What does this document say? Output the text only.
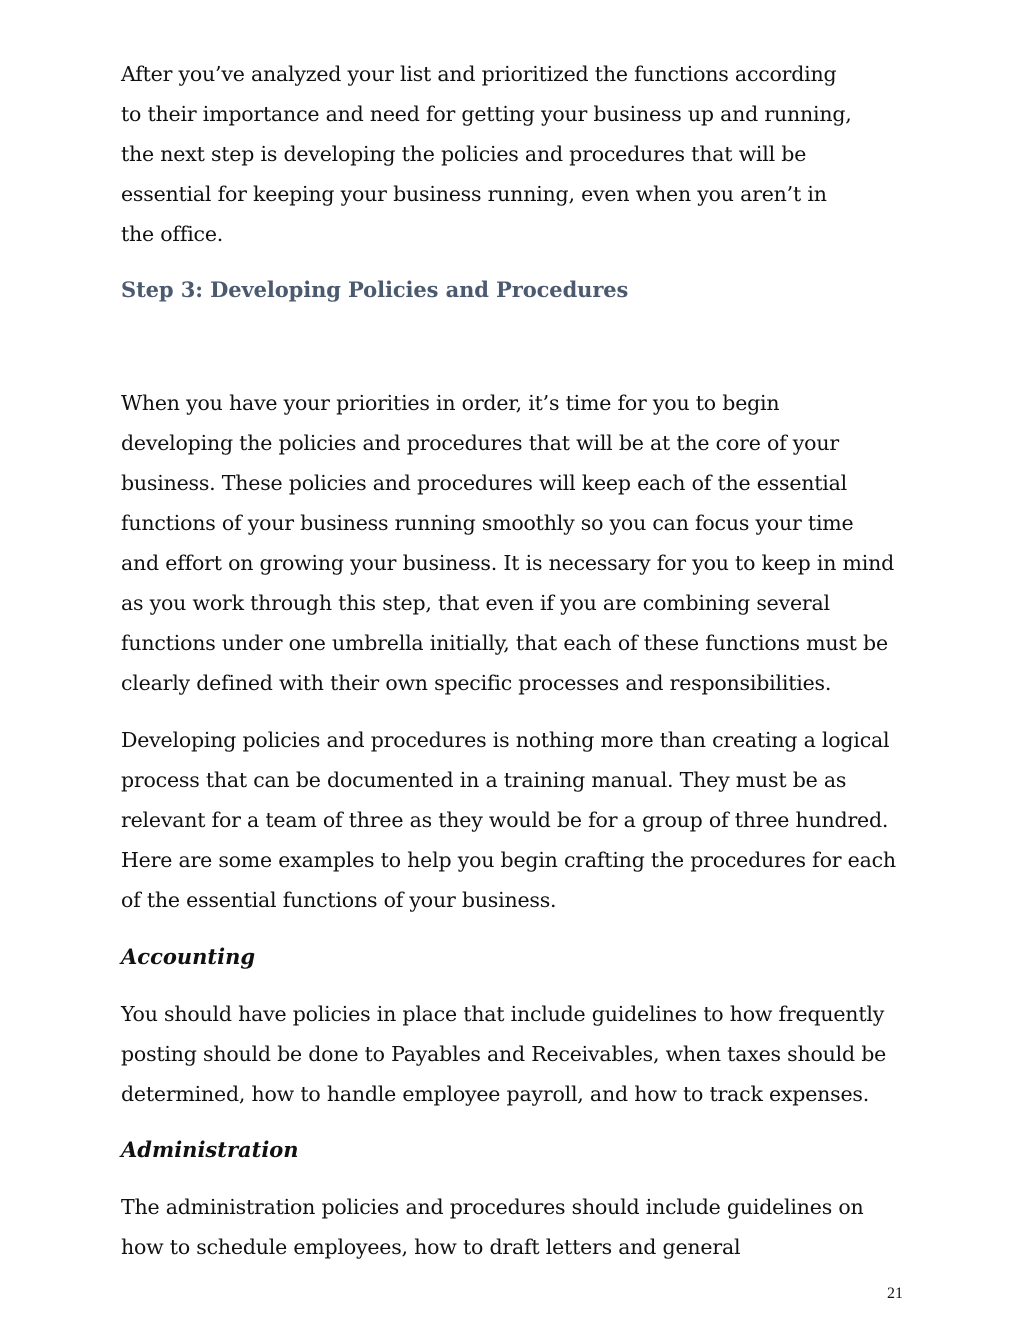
After you’ve analyzed your list and prioritized the functions according
to their importance and need for getting your business up and running,
the next step is developing the policies and procedures that will be
essential for keeping your business running, even when you aren’t in
the office.

Step 3: Developing Policies and Procedures

When you have your priorities in order, it’s time for you to begin
developing the policies and procedures that will be at the core of your
business. These policies and procedures will keep each of the essential
functions of your business running smoothly so you can focus your time
and effort on growing your business. It is necessary for you to keep in mind
as you work through this step, that even if you are combining several
functions under one umbrella initially, that each of these functions must be
clearly defined with their own specific processes and responsibilities.

Developing policies and procedures is nothing more than creating a logical
process that can be documented in a training manual. They must be as
relevant for a team of three as they would be for a group of three hundred.
Here are some examples to help you begin crafting the procedures for each
of the essential functions of your business.

Accounting

You should have policies in place that include guidelines to how frequently
posting should be done to Payables and Receivables, when taxes should be
determined, how to handle employee payroll, and how to track expenses.

Administration

The administration policies and procedures should include guidelines on
how to schedule employees, how to draft letters and general

21
